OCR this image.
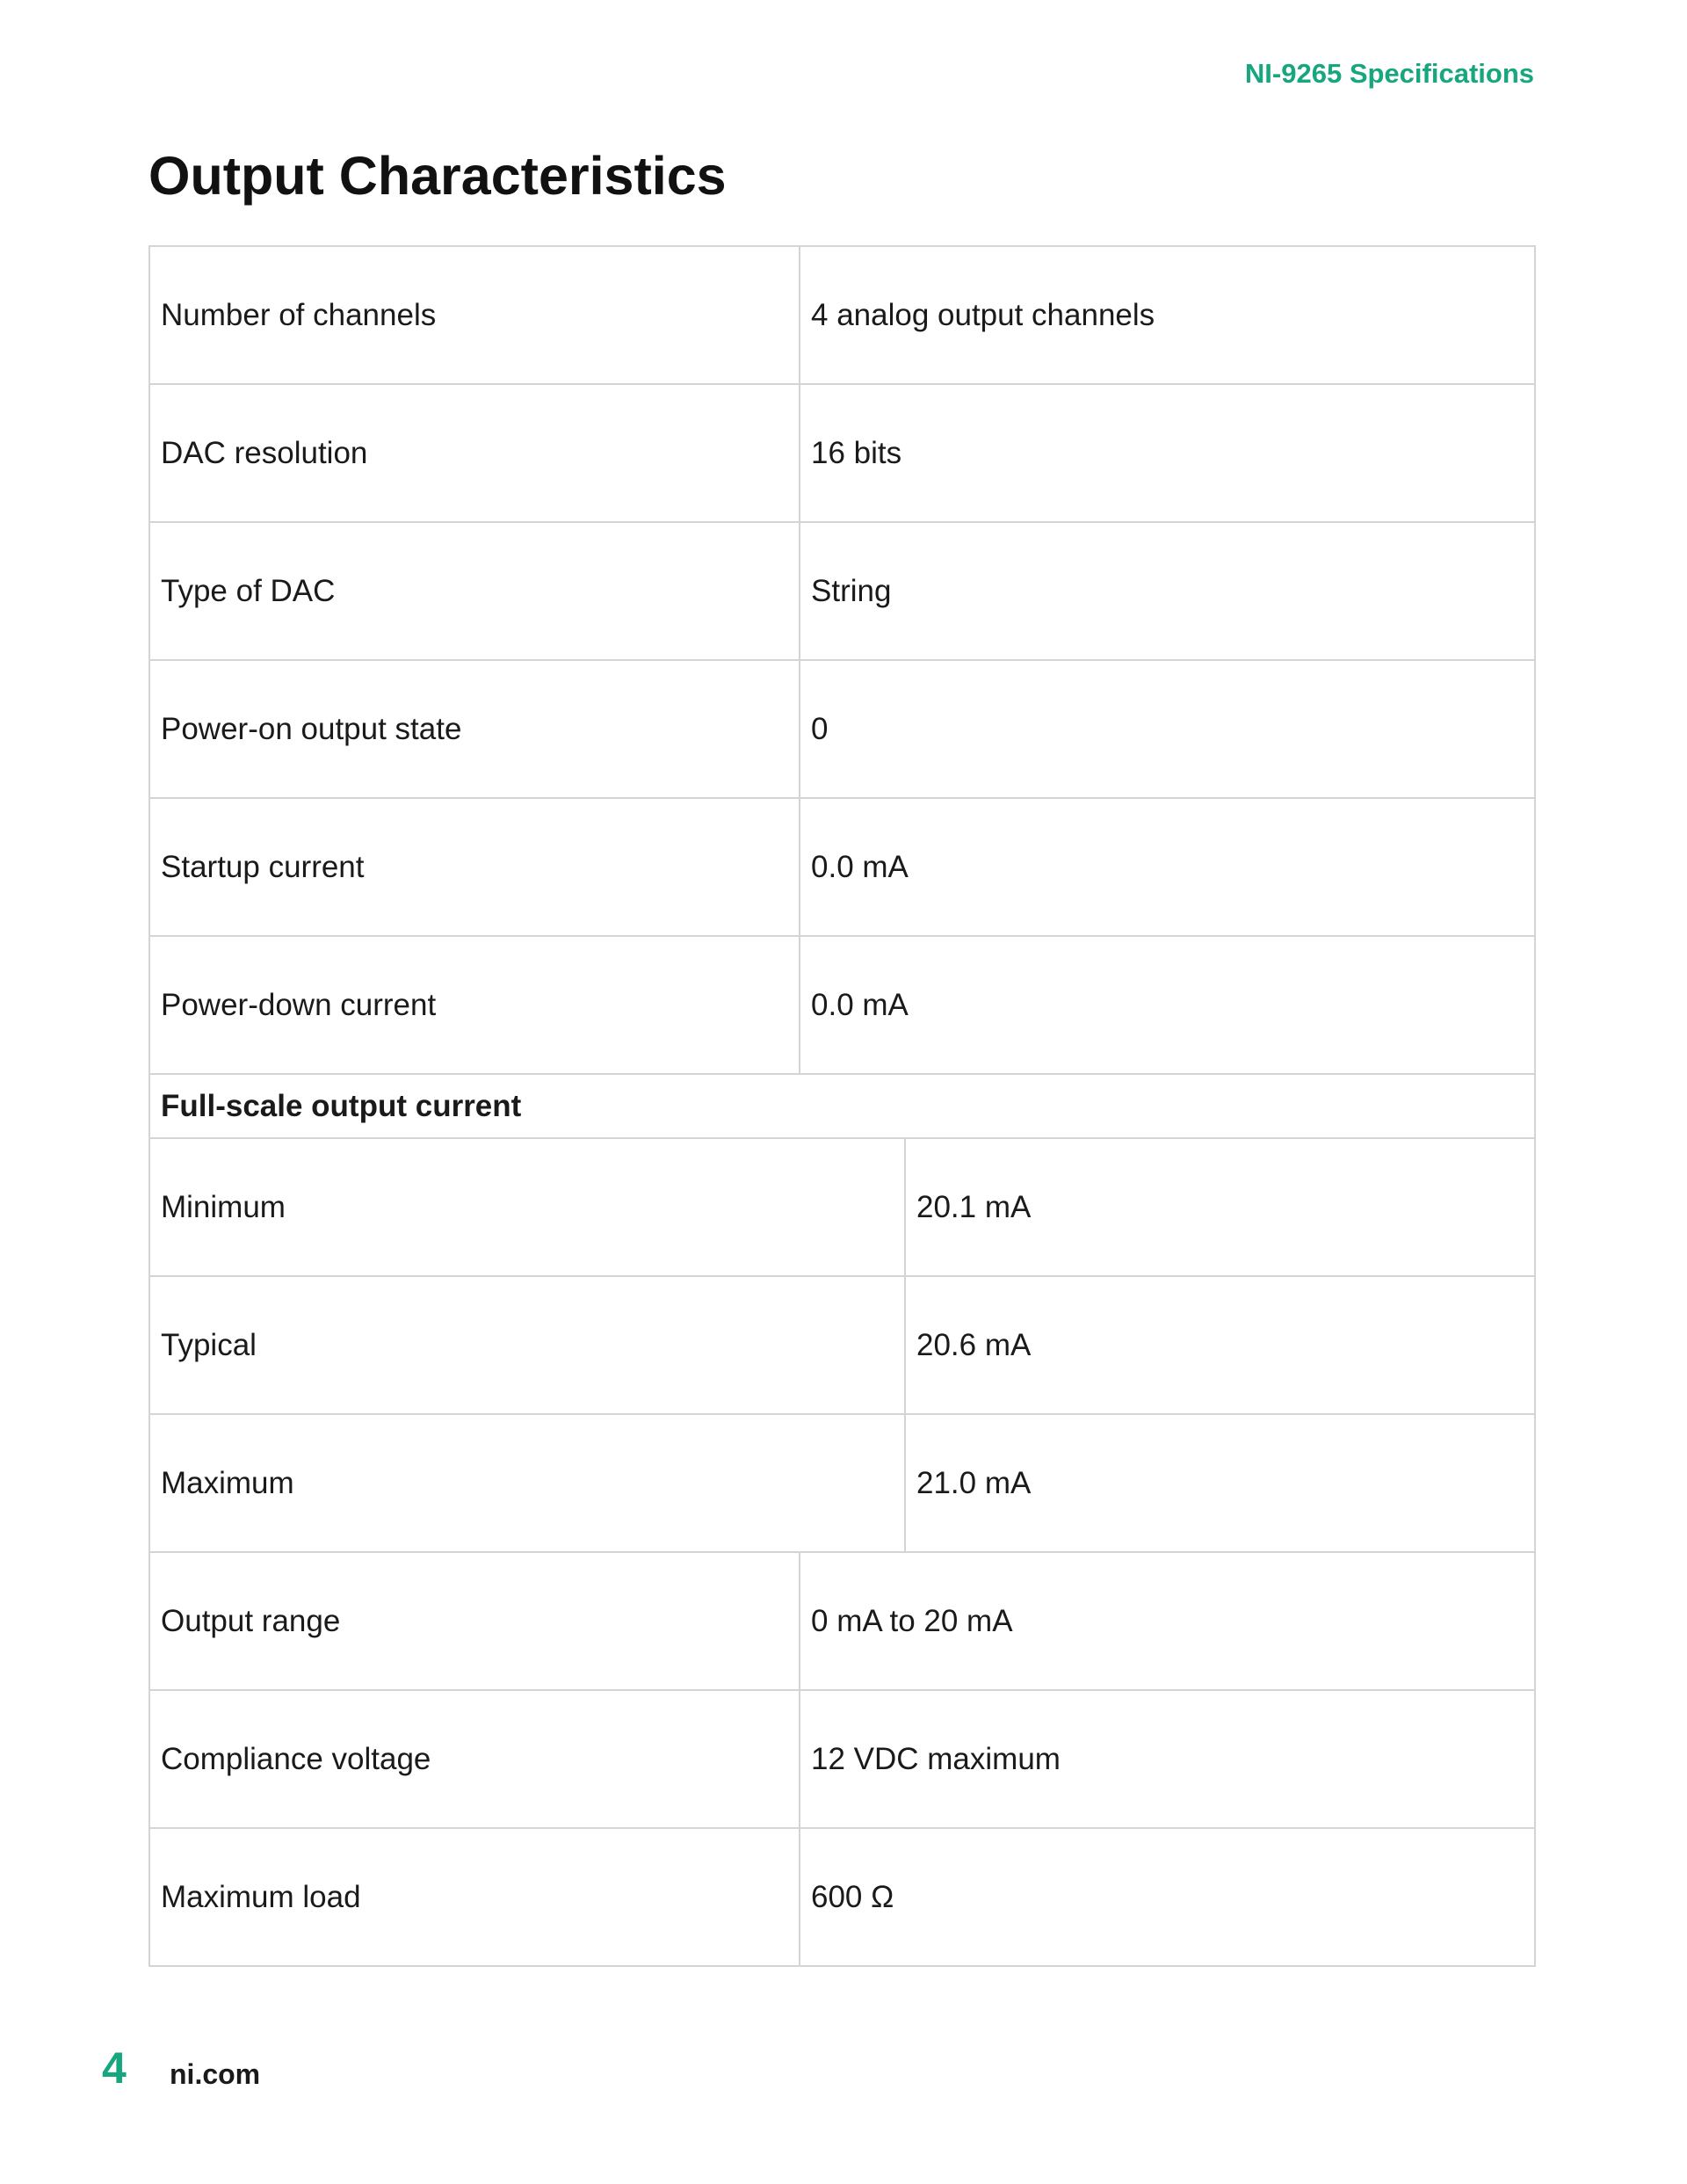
NI-9265 Specifications
Output Characteristics
Number of channels	4 analog output channels	
DAC resolution	16 bits	
Type of DAC	String	
Power-on output state	0	
Startup current	0.0 mA	
Power-down current	0.0 mA	
Full-scale output current		
Minimum		20.1 mA
Typical		20.6 mA
Maximum		21.0 mA
Output range	0 mA to 20 mA	
Compliance voltage	12 VDC maximum	
Maximum load	600 Ω	
4 ni.com
